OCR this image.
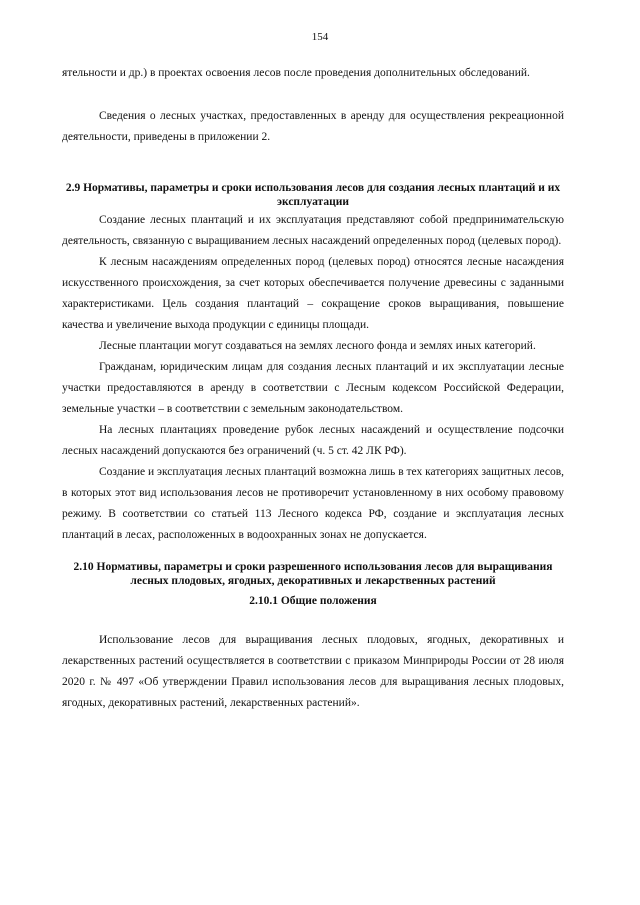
154

ятельности и др.) в проектах освоения лесов после проведения дополнительных обследований.

Сведения о лесных участках, предоставленных в аренду для осуществления рекреационной деятельности, приведены в приложении 2.

2.9 Нормативы, параметры и сроки использования лесов для создания лесных плантаций и их эксплуатации

Создание лесных плантаций и их эксплуатация представляют собой предпринимательскую деятельность, связанную с выращиванием лесных насаждений определенных пород (целевых пород).

К лесным насаждениям определенных пород (целевых пород) относятся лесные насаждения искусственного происхождения, за счет которых обеспечивается получение древесины с заданными характеристиками. Цель создания плантаций – сокращение сроков выращивания, повышение качества и увеличение выхода продукции с единицы площади.

Лесные плантации могут создаваться на землях лесного фонда и землях иных категорий.

Гражданам, юридическим лицам для создания лесных плантаций и их эксплуатации лесные участки предоставляются в аренду в соответствии с Лесным кодексом Российской Федерации, земельные участки – в соответствии с земельным законодательством.

На лесных плантациях проведение рубок лесных насаждений и осуществление подсочки лесных насаждений допускаются без ограничений (ч. 5 ст. 42 ЛК РФ).

Создание и эксплуатация лесных плантаций возможна лишь в тех категориях защитных лесов, в которых этот вид использования лесов не противоречит установленному в них особому правовому режиму. В соответствии со статьей 113 Лесного кодекса РФ, создание и эксплуатация лесных плантаций в лесах, расположенных в водоохранных зонах не допускается.

2.10 Нормативы, параметры и сроки разрешенного использования лесов для выращивания лесных плодовых, ягодных, декоративных и лекарственных растений
2.10.1 Общие положения

Использование лесов для выращивания лесных плодовых, ягодных, декоративных и лекарственных растений осуществляется в соответствии с приказом Минприроды России от 28 июля 2020 г. № 497 «Об утверждении Правил использования лесов для выращивания лесных плодовых, ягодных, декоративных растений, лекарственных растений».
